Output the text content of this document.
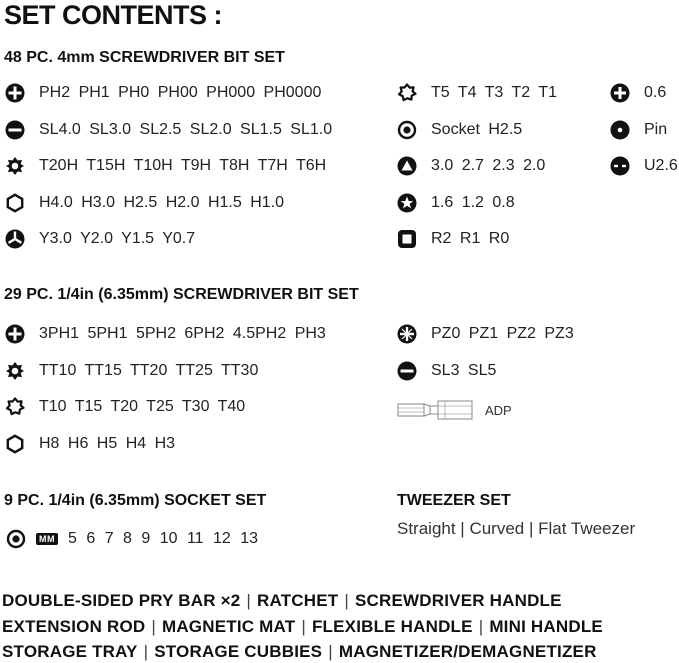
SET CONTENTS :
48 PC. 4mm SCREWDRIVER BIT SET
PH2 PH1 PH0 PH00 PH000 PH0000
SL4.0 SL3.0 SL2.5 SL2.0 SL1.5 SL1.0
T20H T15H T10H T9H T8H T7H T6H
H4.0 H3.0 H2.5 H2.0 H1.5 H1.0
Y3.0 Y2.0 Y1.5 Y0.7
T5 T4 T3 T2 T1
Socket H2.5
3.0 2.7 2.3 2.0
1.6 1.2 0.8
R2 R1 R0
0.6
Pin
U2.6
29 PC. 1/4in (6.35mm) SCREWDRIVER BIT SET
3PH1 5PH1 5PH2 6PH2 4.5PH2 PH3
TT10 TT15 TT20 TT25 TT30
T10 T15 T20 T25 T30 T40
H8 H6 H5 H4 H3
PZ0 PZ1 PZ2 PZ3
SL3 SL5
ADP
9 PC. 1/4in (6.35mm) SOCKET SET
MM 5 6 7 8 9 10 11 12 13
TWEEZER SET
Straight | Curved | Flat Tweezer
DOUBLE-SIDED PRY BAR ×2 | RATCHET | SCREWDRIVER HANDLE
EXTENSION ROD | MAGNETIC MAT | FLEXIBLE HANDLE | MINI HANDLE
STORAGE TRAY | STORAGE CUBBIES | MAGNETIZER/DEMAGNETIZER
